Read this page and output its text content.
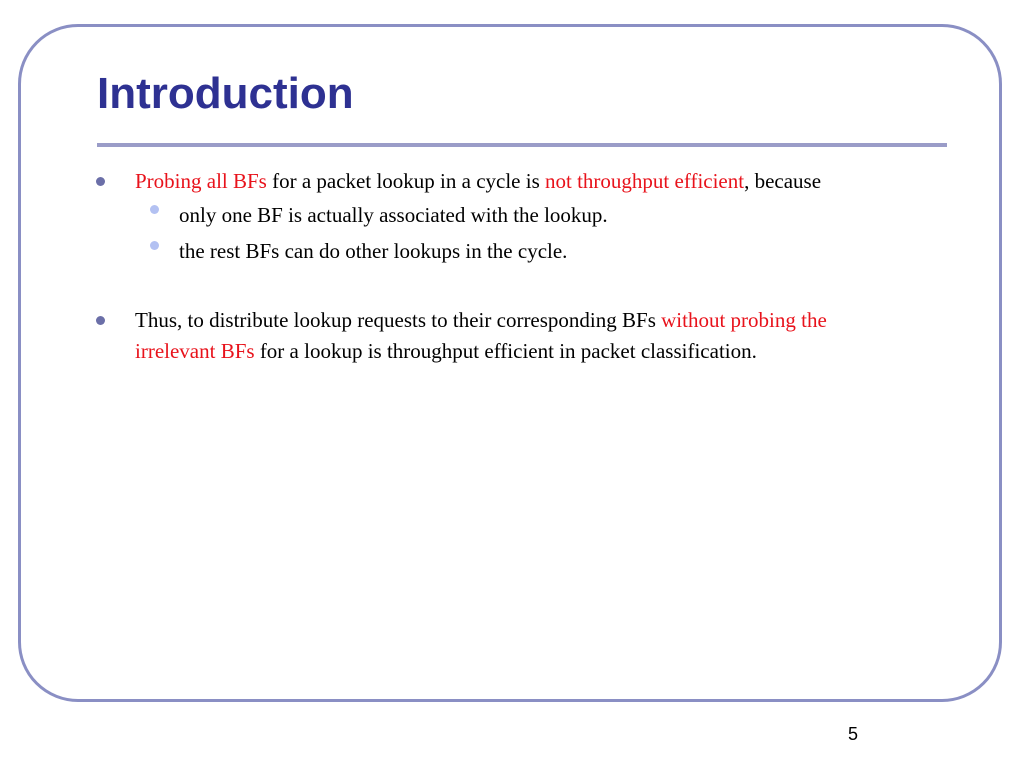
Introduction
Probing all BFs for a packet lookup in a cycle is not throughput efficient, because
only one BF is actually associated with the lookup.
the rest BFs can do other lookups in the cycle.
Thus, to distribute lookup requests to their corresponding BFs without probing the irrelevant BFs for a lookup is throughput efficient in packet classification.
5
